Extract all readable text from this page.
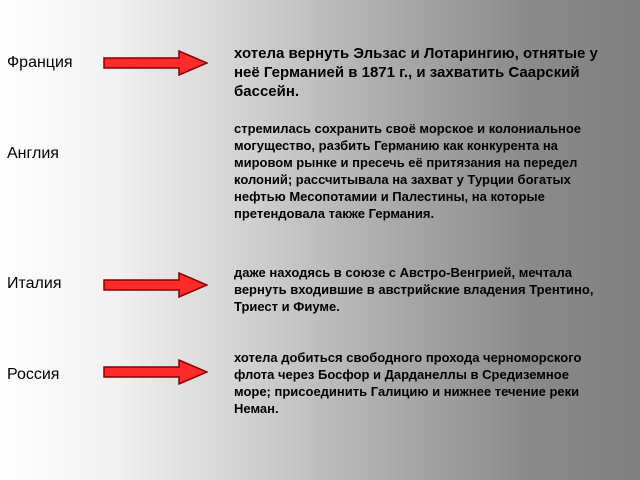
Франция
хотела вернуть Эльзас и Лотарингию, отнятые у неё Германией в 1871 г., и захватить Саарский бассейн.
Англия
стремилась сохранить своё морское и колониальное могущество, разбить Германию как конкурента на мировом рынке и пресечь её притязания на передел колоний; рассчитывала на захват у Турции богатых нефтью Месопотамии и Палестины, на которые претендовала также Германия.
Италия
даже находясь в союзе с Австро-Венгрией, мечтала вернуть входившие в австрийские владения Трентино, Триест и Фиуме.
Россия
хотела добиться свободного прохода черноморского флота через Босфор и Дарданеллы в Средиземное море; присоединить Галицию и нижнее течение реки Неман.
